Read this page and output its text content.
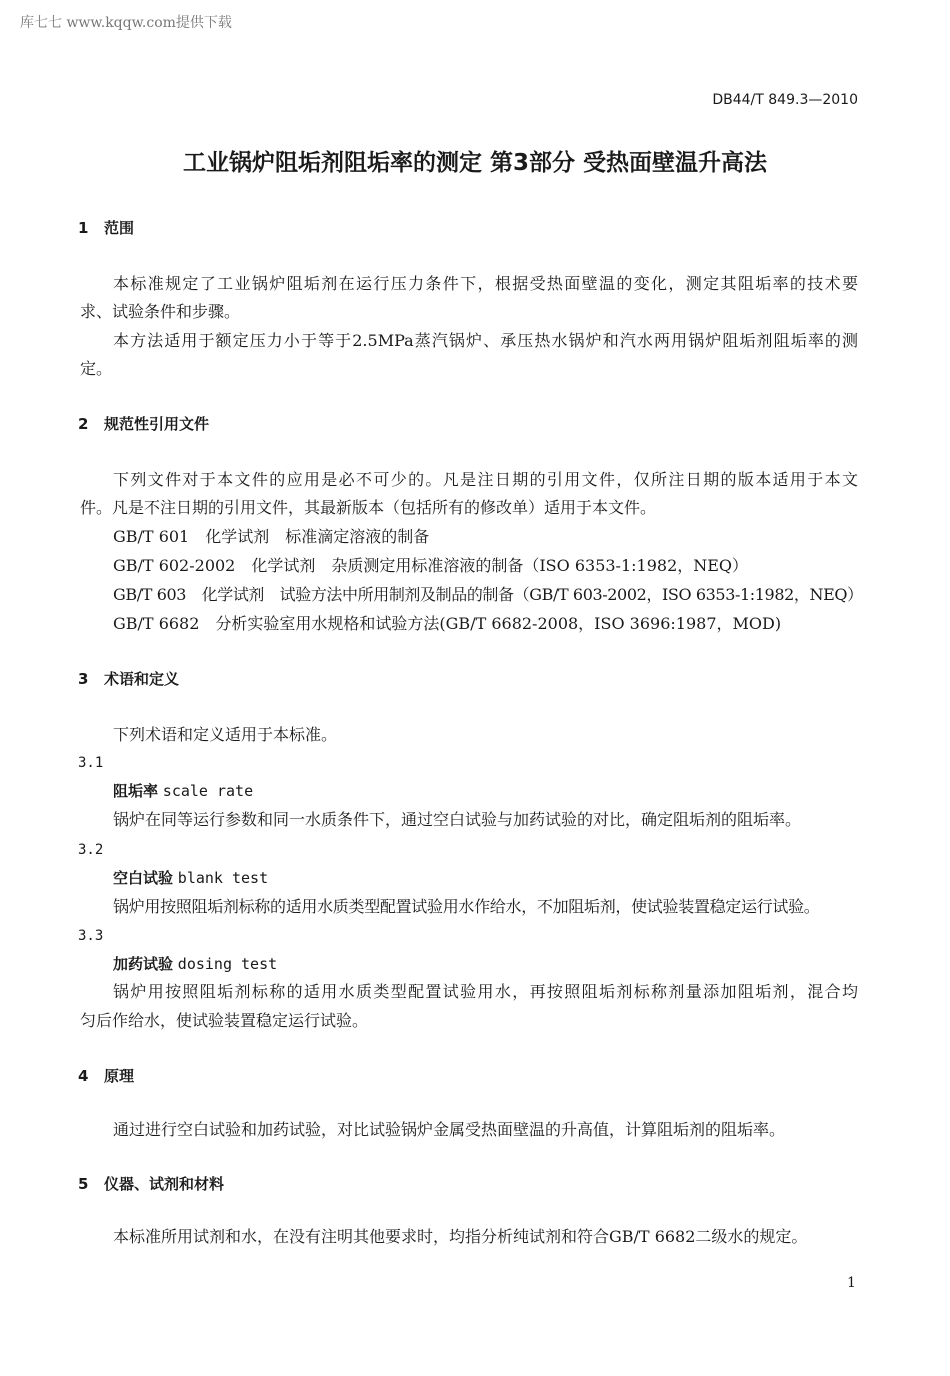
库七七 www.kqqw.com提供下载
DB44/T 849.3—2010
工业锅炉阻垢剂阻垢率的测定 第3部分 受热面壁温升高法
1 范围
本标准规定了工业锅炉阻垢剂在运行压力条件下，根据受热面壁温的变化，测定其阻垢率的技术要
求、试验条件和步骤。
本方法适用于额定压力小于等于2.5MPa蒸汽锅炉、承压热水锅炉和汽水两用锅炉阻垢剂阻垢率的测
定。
2 规范性引用文件
下列文件对于本文件的应用是必不可少的。凡是注日期的引用文件，仅所注日期的版本适用于本文
件。凡是不注日期的引用文件，其最新版本（包括所有的修改单）适用于本文件。
GB/T 601　化学试剂　标准滴定溶液的制备
GB/T 602-2002　化学试剂　杂质测定用标准溶液的制备（ISO 6353-1:1982，NEQ）
GB/T 603　化学试剂　试验方法中所用制剂及制品的制备（GB/T 603-2002，ISO 6353-1:1982，NEQ）
GB/T 6682　分析实验室用水规格和试验方法(GB/T 6682-2008，ISO 3696:1987，MOD)
3 术语和定义
下列术语和定义适用于本标准。
3.1
阻垢率 scale rate
锅炉在同等运行参数和同一水质条件下，通过空白试验与加药试验的对比，确定阻垢剂的阻垢率。
3.2
空白试验 blank test
锅炉用按照阻垢剂标称的适用水质类型配置试验用水作给水，不加阻垢剂，使试验装置稳定运行试验。
3.3
加药试验 dosing test
锅炉用按照阻垢剂标称的适用水质类型配置试验用水，再按照阻垢剂标称剂量添加阻垢剂，混合均
匀后作给水，使试验装置稳定运行试验。
4 原理
通过进行空白试验和加药试验，对比试验锅炉金属受热面壁温的升高值，计算阻垢剂的阻垢率。
5 仪器、试剂和材料
本标准所用试剂和水，在没有注明其他要求时，均指分析纯试剂和符合GB/T 6682二级水的规定。
1
